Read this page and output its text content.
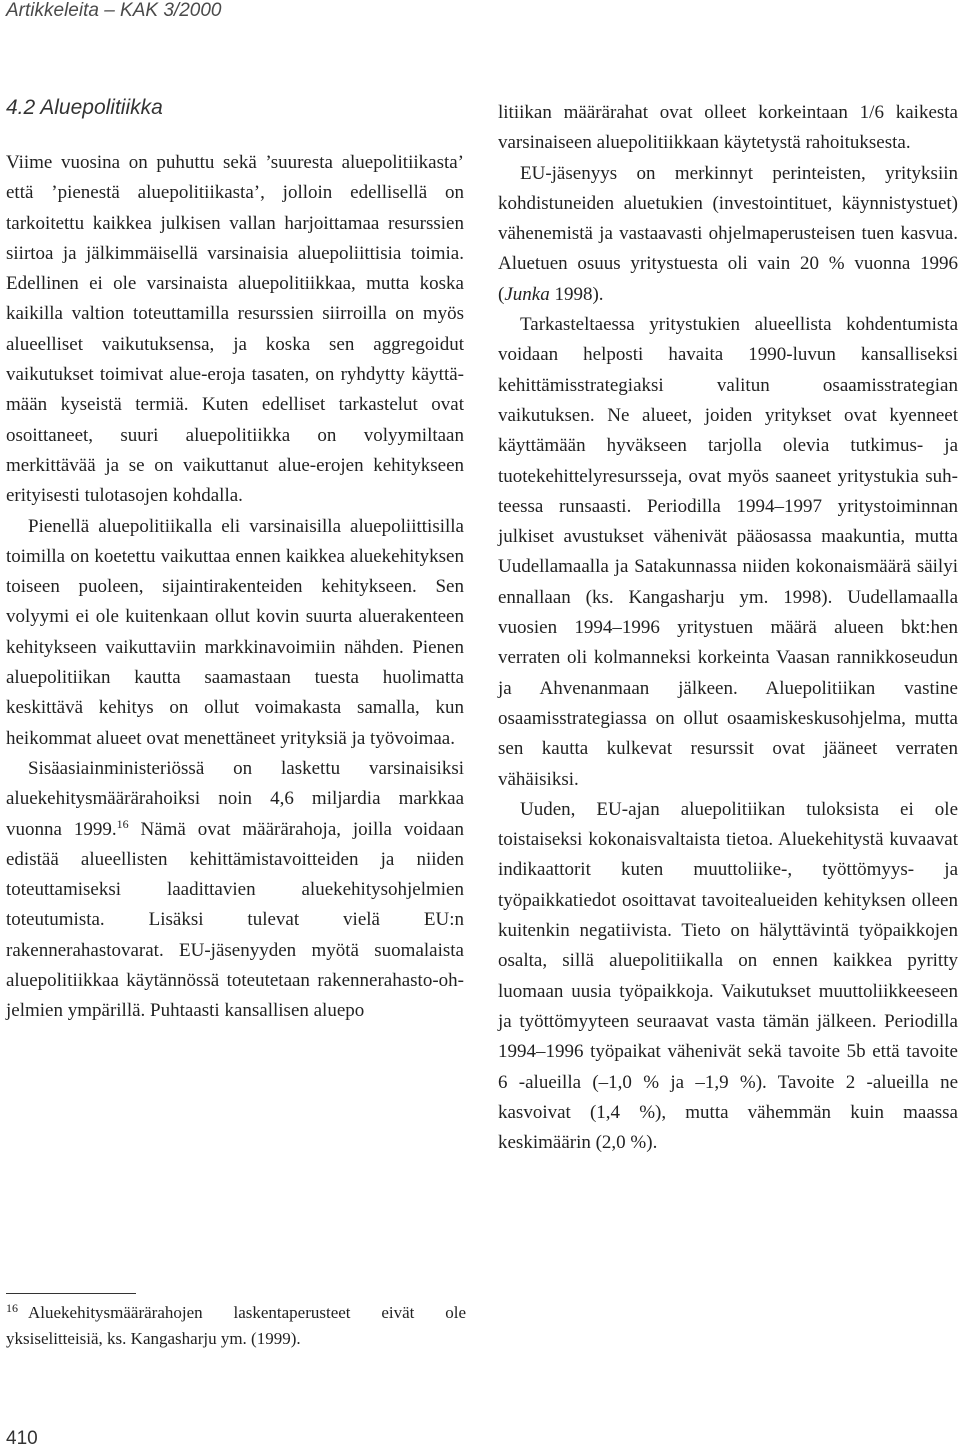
Artikkeleita – KAK 3/2000
4.2 Aluepolitiikka

Viime vuosina on puhuttu sekä ’suuresta aluepolitiikasta’ että ’pienestä aluepolitiikasta’, jolloin edellisellä on tarkoitettu kaikkea julkisen vallan harjoittamaa resurssien siirtoa ja jälkimmäisellä varsinaisia aluepoliittisia toimia. Edellinen ei ole varsinaista aluepolitiikkaa, mutta koska kaikilla valtion toteuttamilla resurssien siirroilla on myös alueelliset vaikutuksensa, ja koska sen aggregoidut vaikutukset toimivat alue-eroja tasaten, on ryhdytty käyttämään kyseistä termiä. Kuten edelliset tarkastelut ovat osoittaneet, suuri aluepolitiikka on volyymiltaan merkittävää ja se on vaikuttanut alue-erojen kehitykseen erityisesti tulotasojen kohdalla.

Pienellä aluepolitiikalla eli varsinaisilla aluepoliittisilla toimilla on koetettu vaikuttaa ennen kaikkea aluekehityksen toiseen puoleen, sijaintirakenteiden kehitykseen. Sen volyymi ei ole kuitenkaan ollut kovin suurta aluerakenteen kehitykseen vaikuttaviin markkinavoimiin nähden. Pienen aluepolitiikan kautta saamastaan tuesta huolimatta keskittävä kehitys on ollut voimakasta samalla, kun heikommat alueet ovat menettäneet yrityksiä ja työvoimaa.

Sisäasiainministeriössä on laskettu varsinaisiksi aluekehitysmäärärahoiksi noin 4,6 miljardia markkaa vuonna 1999.16 Nämä ovat määrärahoja, joilla voidaan edistää alueellisten kehittämistavoitteiden ja niiden toteuttamiseksi laadittavien aluekehitysohjelmien toteutumista. Lisäksi tulevat vielä EU:n rakennerahastovarat. EU-jäsenyyden myötä suomalaista aluepolitiikkaa käytännössä toteutetaan rakennerahasto-ohjelmien ympärillä. Puhtaasti kansallisen aluepo

litiikan määrärahat ovat olleet korkeintaan 1/6 kaikesta varsinaiseen aluepolitiikkaan käytetystä rahoituksesta.

EU-jäsenyys on merkinnyt perinteisten, yrityksiin kohdistuneiden aluetukien (investointituet, käynnistystuet) vähenemistä ja vastaavasti ohjelmaperusteisen tuen kasvua. Aluetuen osuus yritystuesta oli vain 20 % vuonna 1996 (Junka 1998).

Tarkasteltaessa yritystukien alueellista kohdentumista voidaan helposti havaita 1990-luvun kansalliseksi kehittämisstrategiaksi valitun osaamisstrategian vaikutuksen. Ne alueet, joiden yritykset ovat kyenneet käyttämään hyväkseen tarjolla olevia tutkimus- ja tuotekehittelyresursseja, ovat myös saaneet yritystukia suhteessa runsaasti. Periodilla 1994–1997 yritystoiminnan julkiset avustukset vähenivät pääosassa maakuntia, mutta Uudellamaalla ja Satakunnassa niiden kokonaismäärä säilyi ennallaan (ks. Kangasharju ym. 1998). Uudellamaalla vuosien 1994–1996 yritystuen määrä alueen bkt:hen verraten oli kolmanneksi korkeinta Vaasan rannikkoseudun ja Ahvenanmaan jälkeen. Aluepolitiikan vastine osaamisstrategiassa on ollut osaamiskeskusohjelma, mutta sen kautta kulkevat resurssit ovat jääneet verraten vähäisiksi.

Uuden, EU-ajan aluepolitiikan tuloksista ei ole toistaiseksi kokonaisvaltaista tietoa. Aluekehitystä kuvaavat indikaattorit kuten muuttoliike-, työttömyys- ja työpaikkatiedot osoittavat tavoitealueiden kehityksen olleen kuitenkin negatiivista. Tieto on hälyttävintä työpaikkojen osalta, sillä aluepolitiikalla on ennen kaikkea pyritty luomaan uusia työpaikkoja. Vaikutukset muuttoliikkeeseen ja työttömyyteen seuraavat vasta tämän jälkeen. Periodilla 1994–1996 työpaikat vähenivät sekä tavoite 5b että tavoite 6 -alueilla (–1,0 % ja –1,9 %). Tavoite 2 -alueilla ne kasvoivat (1,4 %), mutta vähemmän kuin maassa keskimäärin (2,0 %).

$^{16}$ Aluekehitysmäärärahojen laskentaperusteet eivät ole yksiselitteisiä, ks. Kangasharju ym. (1999).
410
